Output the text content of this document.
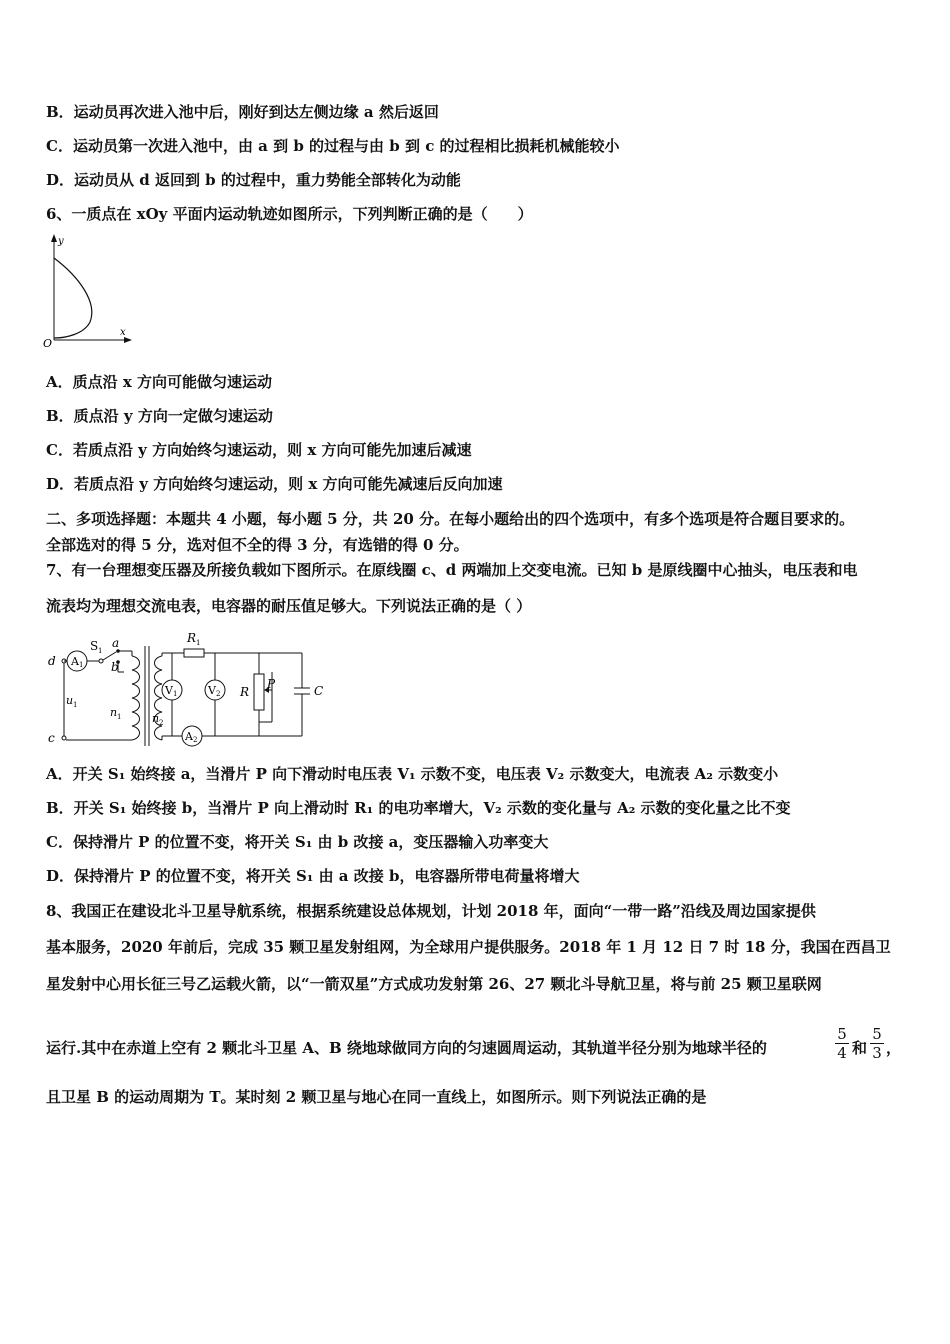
B．运动员再次进入池中后，刚好到达左侧边缘 a 然后返回
C．运动员第一次进入池中，由 a 到 b 的过程与由 b 到 c 的过程相比损耗机械能较小
D．运动员从 d 返回到 b 的过程中，重力势能全部转化为动能
6、一质点在 xOy 平面内运动轨迹如图所示，下列判断正确的是（　　）
y
x
O
A．质点沿 x 方向可能做匀速运动
B．质点沿 y 方向一定做匀速运动
C．若质点沿 y 方向始终匀速运动，则 x 方向可能先加速后减速
D．若质点沿 y 方向始终匀速运动，则 x 方向可能先减速后反向加速
二、多项选择题：本题共 4 小题，每小题 5 分，共 20 分。在每小题给出的四个选项中，有多个选项是符合题目要求的。
全部选对的得 5 分，选对但不全的得 3 分，有选错的得 0 分。
7、有一台理想变压器及所接负载如下图所示。在原线圈 c、d 两端加上交变电流。已知 b 是原线圈中心抽头，电压表和电
流表均为理想交流电表，电容器的耐压值足够大。下列说法正确的是（ ）
A 1
S 1
a
b
u 1
n 1
d
c
n 2
A 2
R 1
V 1	V 2 R
P	C
A．开关 S₁ 始终接 a，当滑片 P 向下滑动时电压表 V₁ 示数不变，电压表 V₂ 示数变大，电流表 A₂ 示数变小
B．开关 S₁ 始终接 b，当滑片 P 向上滑动时 R₁ 的电功率增大，V₂ 示数的变化量与 A₂ 示数的变化量之比不变
C．保持滑片 P 的位置不变，将开关 S₁ 由 b 改接 a，变压器输入功率变大
D．保持滑片 P 的位置不变，将开关 S₁ 由 a 改接 b，电容器所带电荷量将增大
8、我国正在建设北斗卫星导航系统，根据系统建设总体规划，计划 2018 年，面向“一带一路”沿线及周边国家提供
基本服务，2020 年前后，完成 35 颗卫星发射组网，为全球用户提供服务。2018 年 1 月 12 日 7 时 18 分，我国在西昌卫
星发射中心用长征三号乙运载火箭，以“一箭双星”方式成功发射第 26、27 颗北斗导航卫星，将与前 25 颗卫星联网
运行.其中在赤道上空有 2 颗北斗卫星 A、B 绕地球做同方向的匀速圆周运动，其轨道半径分别为地球半径的
5
4 和
5
3 ，
且卫星 B 的运动周期为 T。某时刻 2 颗卫星与地心在同一直线上，如图所示。则下列说法正确的是
